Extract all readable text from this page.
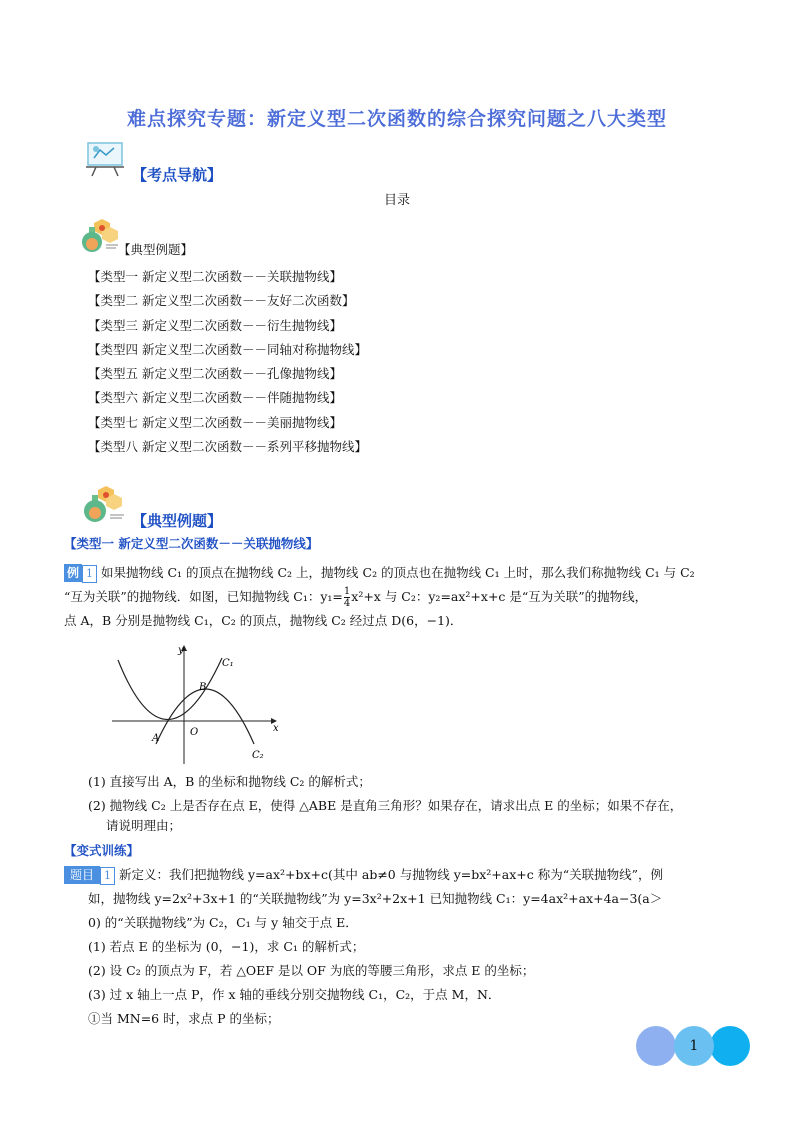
难点探究专题：新定义型二次函数的综合探究问题之八大类型
【考点导航】
目录
【典型例题】
【类型一 新定义型二次函数－－关联抛物线】
【类型二 新定义型二次函数－－友好二次函数】
【类型三 新定义型二次函数－－衍生抛物线】
【类型四 新定义型二次函数－－同轴对称抛物线】
【类型五 新定义型二次函数－－孔像抛物线】
【类型六 新定义型二次函数－－伴随抛物线】
【类型七 新定义型二次函数－－美丽抛物线】
【类型八 新定义型二次函数－－系列平移抛物线】
【典型例题】
【类型一 新定义型二次函数－－关联抛物线】
例 1 如果抛物线 C₁ 的顶点在抛物线 C₂ 上，抛物线 C₂ 的顶点也在抛物线 C₁ 上时，那么我们称抛物线 C₁ 与 C₂
“互为关联”的抛物线．如图，已知抛物线 C₁：$y_1= \frac{1}{4} x^2+x$ 与 C₂：y₂=ax²+x+c 是“互为关联”的抛物线，
点 A，B 分别是抛物线 C₁，C₂ 的顶点，抛物线 C₂ 经过点 D(6，−1)．
y
x
O
A
B
C₁
C₂
(1) 直接写出 A，B 的坐标和抛物线 C₂ 的解析式；
(2) 抛物线 C₂ 上是否存在点 E，使得 △ABE 是直角三角形？如果存在，请求出点 E 的坐标；如果不存在，
请说明理由；
【变式训练】
题目 1 新定义：我们把抛物线 y=ax²+bx+c(其中 ab≠0 与抛物线 y=bx²+ax+c 称为“关联抛物线”，例
如，抛物线 y=2x²+3x+1 的“关联抛物线”为 y=3x²+2x+1 已知抛物线 C₁：y=4ax²+ax+4a−3(a＞
0) 的“关联抛物线”为 C₂，C₁ 与 y 轴交于点 E．
(1) 若点 E 的坐标为 (0，−1)，求 C₁ 的解析式；
(2) 设 C₂ 的顶点为 F，若 △OEF 是以 OF 为底的等腰三角形，求点 E 的坐标；
(3) 过 x 轴上一点 P，作 x 轴的垂线分别交抛物线 C₁，C₂，于点 M，N．
①当 MN=6 时，求点 P 的坐标；
1
